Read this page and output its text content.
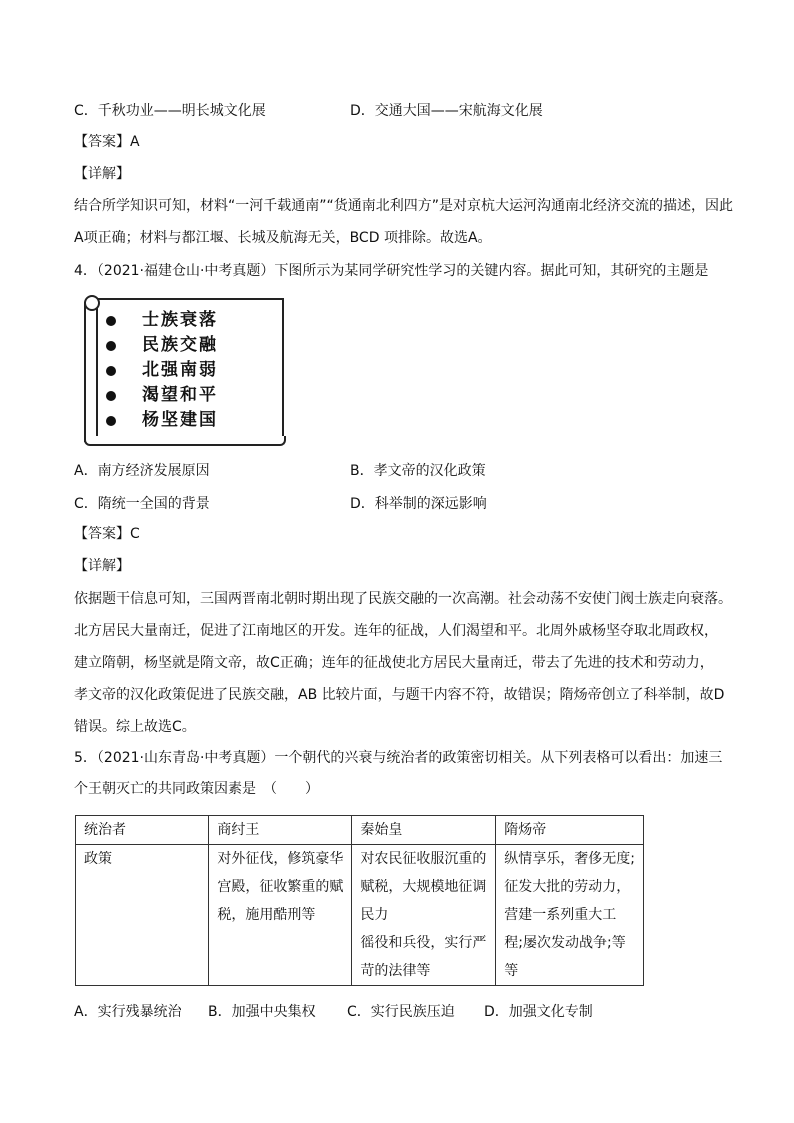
C．千秋功业——明长城文化展	D．交通大国——宋航海文化展
【答案】A
【详解】
结合所学知识可知，材料“一河千载通南”“货通南北利四方”是对京杭大运河沟通南北经济交流的描述，因此
A项正确；材料与都江堰、长城及航海无关，BCD 项排除。故选A。
4．（2021·福建仓山·中考真题）下图所示为某同学研究性学习的关键内容。据此可知，其研究的主题是
士族衰落
民族交融
北强南弱
渴望和平
杨坚建国
A．南方经济发展原因	B．孝文帝的汉化政策
C．隋统一全国的背景	D．科举制的深远影响
【答案】C
【详解】
依据题干信息可知，三国两晋南北朝时期出现了民族交融的一次高潮。社会动荡不安使门阀士族走向衰落。
北方居民大量南迁，促进了江南地区的开发。连年的征战，人们渴望和平。北周外戚杨坚夺取北周政权，
建立隋朝，杨坚就是隋文帝，故C正确；连年的征战使北方居民大量南迁，带去了先进的技术和劳动力，
孝文帝的汉化政策促进了民族交融，AB 比较片面，与题干内容不符，故错误；隋炀帝创立了科举制，故D
错误。综上故选C。
5．（2021·山东青岛·中考真题）一个朝代的兴衰与统治者的政策密切相关。从下列表格可以看出：加速三
个王朝灭亡的共同政策因素是　（　　）
统治者	商纣王	秦始皇	隋炀帝
政策	对外征伐，修筑豪华
宫殿，征收繁重的赋
税，施用酷刑等	对农民征收服沉重的
赋税，大规模地征调
民力
徭役和兵役，实行严
苛的法律等	纵情享乐，奢侈无度;
征发大批的劳动力，
营建一系列重大工
程;屡次发动战争;等
等
A．实行残暴统治 B．加强中央集权 C．实行民族压迫 D．加强文化专制
